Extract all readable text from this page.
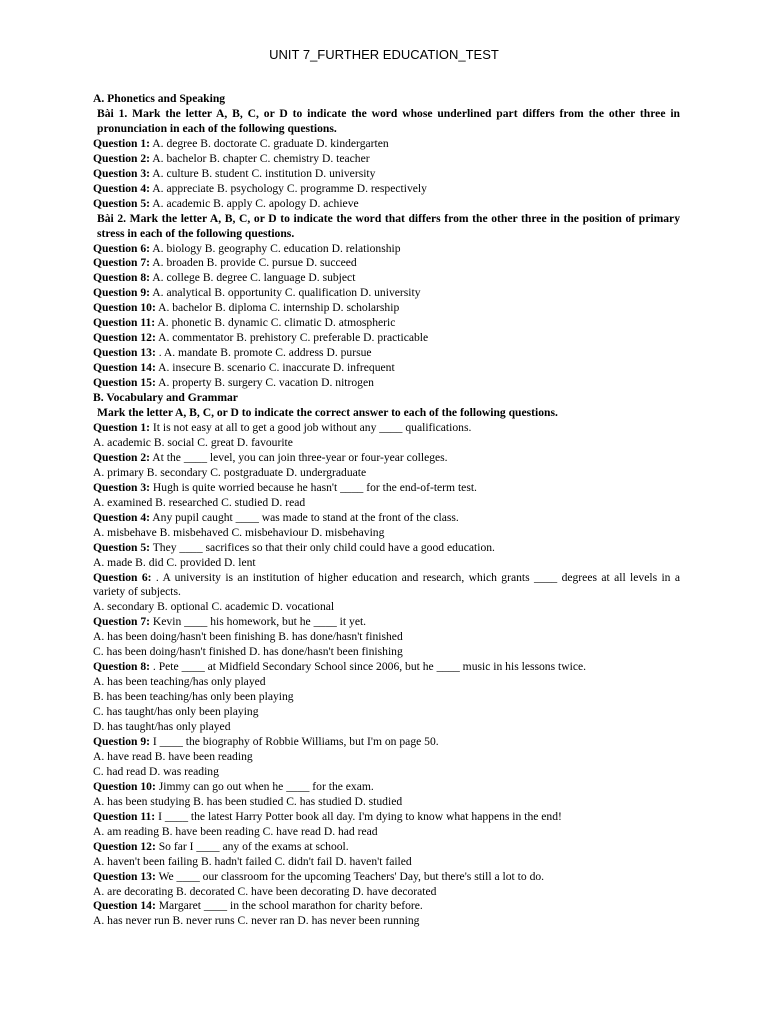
UNIT 7_FURTHER EDUCATION_TEST
A. Phonetics and Speaking
Bài 1. Mark the letter A, B, C, or D to indicate the word whose underlined part differs from the other three in pronunciation in each of the following questions.
Question 1: A. degree B. doctorate C. graduate D. kindergarten
Question 2: A. bachelor B. chapter C. chemistry D. teacher
Question 3: A. culture B. student C. institution D. university
Question 4: A. appreciate B. psychology C. programme D. respectively
Question 5: A. academic B. apply C. apology D. achieve
Bài 2. Mark the letter A, B, C, or D to indicate the word that differs from the other three in the position of primary stress in each of the following questions.
Question 6: A. biology B. geography C. education D. relationship
Question 7: A. broaden B. provide C. pursue D. succeed
Question 8: A. college B. degree C. language D. subject
Question 9: A. analytical B. opportunity C. qualification D. university
Question 10: A. bachelor B. diploma C. internship D. scholarship
Question 11: A. phonetic B. dynamic C. climatic D. atmospheric
Question 12: A. commentator B. prehistory C. preferable D. practicable
Question 13: . A. mandate B. promote C. address D. pursue
Question 14: A. insecure B. scenario C. inaccurate D. infrequent
Question 15: A. property B. surgery C. vacation D. nitrogen
B. Vocabulary and Grammar
Mark the letter A, B, C, or D to indicate the correct answer to each of the following questions.
Question 1: It is not easy at all to get a good job without any ____ qualifications.
A. academic B. social C. great D. favourite
Question 2: At the ____ level, you can join three-year or four-year colleges.
A. primary B. secondary C. postgraduate D. undergraduate
Question 3: Hugh is quite worried because he hasn't ____ for the end-of-term test.
A. examined B. researched C. studied D. read
Question 4: Any pupil caught ____ was made to stand at the front of the class.
A. misbehave B. misbehaved C. misbehaviour D. misbehaving
Question 5: They ____ sacrifices so that their only child could have a good education.
A. made B. did C. provided D. lent
Question 6: . A university is an institution of higher education and research, which grants ____ degrees at all levels in a variety of subjects.
A. secondary B. optional C. academic D. vocational
Question 7: Kevin ____ his homework, but he ____ it yet.
A. has been doing/hasn't been finishing B. has done/hasn't finished
C. has been doing/hasn't finished D. has done/hasn't been finishing
Question 8: . Pete ____ at Midfield Secondary School since 2006, but he ____ music in his lessons twice.
A. has been teaching/has only played
B. has been teaching/has only been playing
C. has taught/has only been playing
D. has taught/has only played
Question 9: I ____ the biography of Robbie Williams, but I'm on page 50.
A. have read B. have been reading
C. had read D. was reading
Question 10: Jimmy can go out when he ____ for the exam.
A. has been studying B. has been studied C. has studied D. studied
Question 11: I ____ the latest Harry Potter book all day. I'm dying to know what happens in the end!
A. am reading B. have been reading C. have read D. had read
Question 12: So far I ____ any of the exams at school.
A. haven't been failing B. hadn't failed C. didn't fail D. haven't failed
Question 13: We ____ our classroom for the upcoming Teachers' Day, but there's still a lot to do.
A. are decorating B. decorated C. have been decorating D. have decorated
Question 14: Margaret ____ in the school marathon for charity before.
A. has never run B. never runs C. never ran D. has never been running
